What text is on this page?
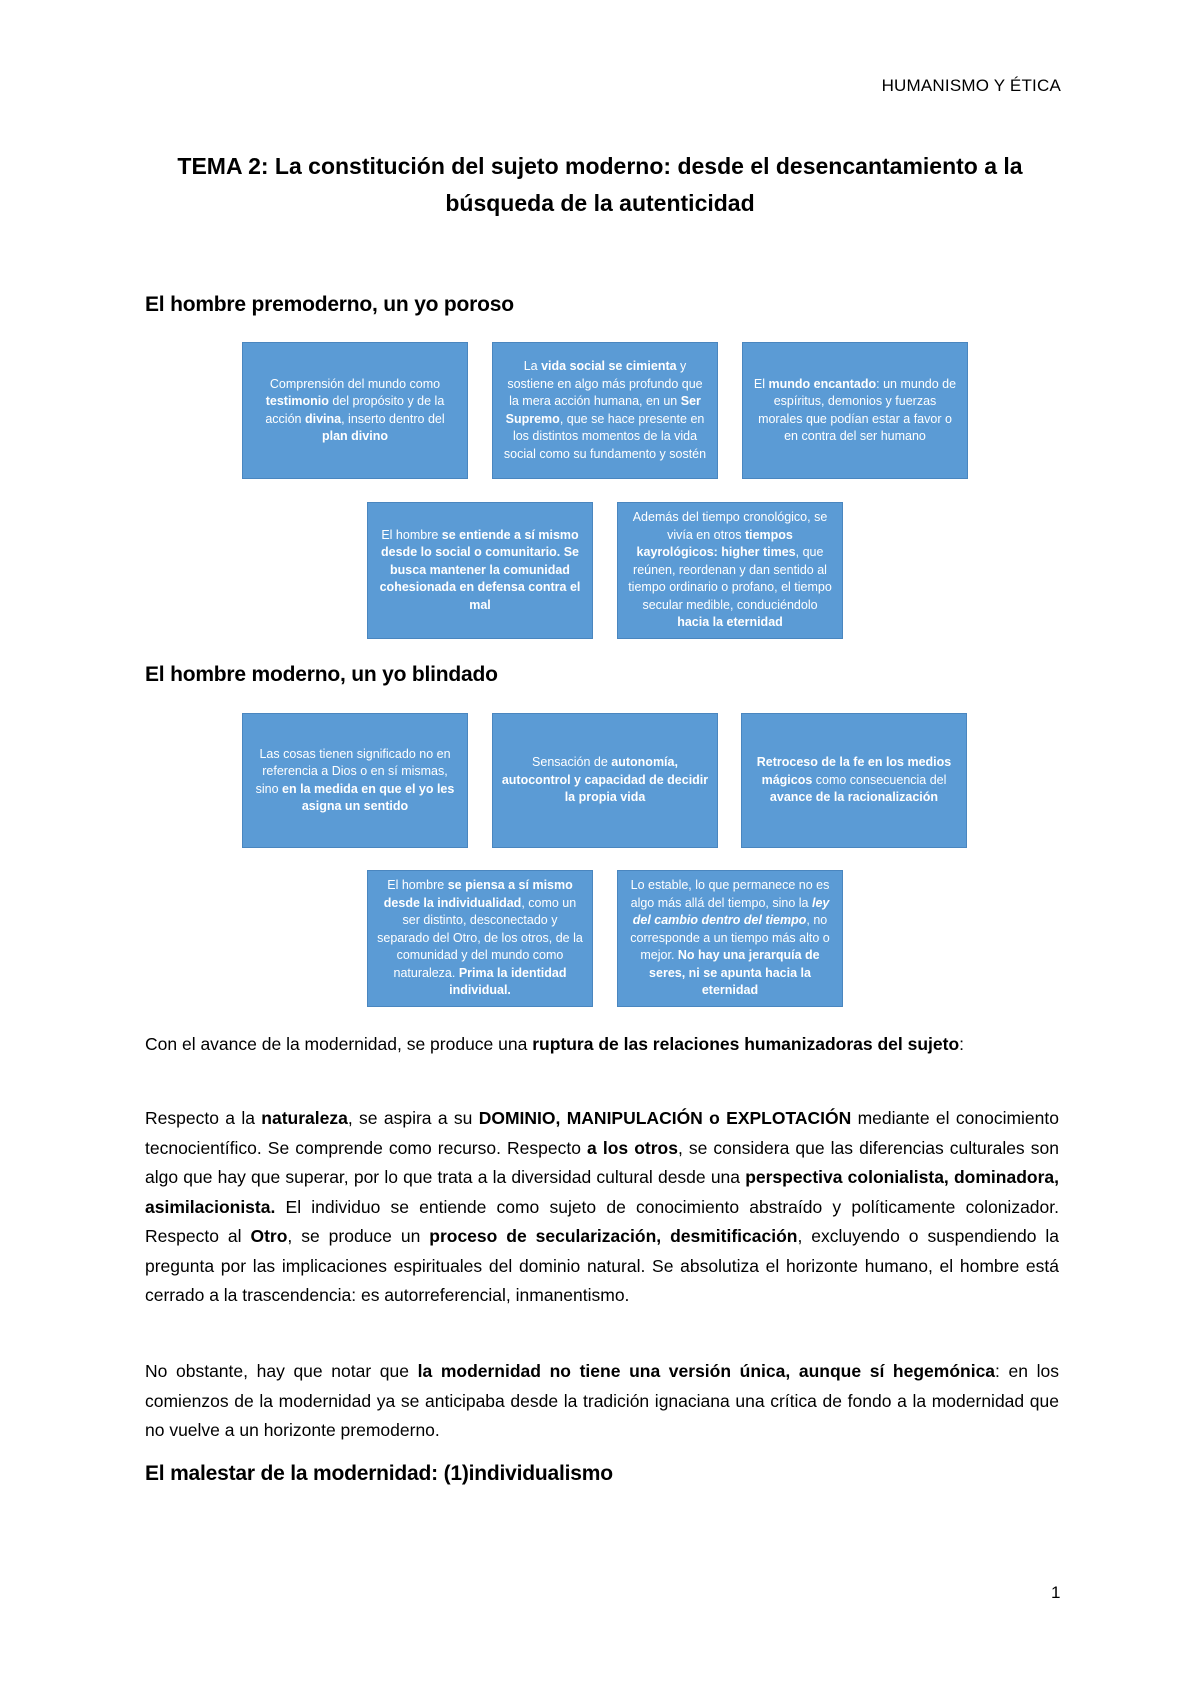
HUMANISMO Y ÉTICA
TEMA 2: La constitución del sujeto moderno: desde el desencantamiento a la búsqueda de la autenticidad
El hombre premoderno, un yo poroso
Comprensión del mundo como testimonio del propósito y de la acción divina, inserto dentro del plan divino
La vida social se cimienta y sostiene en algo más profundo que la mera acción humana, en un Ser Supremo, que se hace presente en los distintos momentos de la vida social como su fundamento y sostén
El mundo encantado: un mundo de espíritus, demonios y fuerzas morales que podían estar a favor o en contra del ser humano
El hombre se entiende a sí mismo desde lo social o comunitario. Se busca mantener la comunidad cohesionada en defensa contra el mal
Además del tiempo cronológico, se vivía en otros tiempos kayrológicos: higher times, que reúnen, reordenan y dan sentido al tiempo ordinario o profano, el tiempo secular medible, conduciéndolo hacia la eternidad
El hombre moderno, un yo blindado
Las cosas tienen significado no en referencia a Dios o en sí mismas, sino en la medida en que el yo les asigna un sentido
Sensación de autonomía, autocontrol y capacidad de decidir la propia vida
Retroceso de la fe en los medios mágicos como consecuencia del avance de la racionalización
El hombre se piensa a sí mismo desde la individualidad, como un ser distinto, desconectado y separado del Otro, de los otros, de la comunidad y del mundo como naturaleza. Prima la identidad individual.
Lo estable, lo que permanece no es algo más allá del tiempo, sino la ley del cambio dentro del tiempo, no corresponde a un tiempo más alto o mejor. No hay una jerarquía de seres, ni se apunta hacia la eternidad
Con el avance de la modernidad, se produce una ruptura de las relaciones humanizadoras del sujeto:
Respecto a la naturaleza, se aspira a su DOMINIO, MANIPULACIÓN o EXPLOTACIÓN mediante el conocimiento tecnocientífico. Se comprende como recurso. Respecto a los otros, se considera que las diferencias culturales son algo que hay que superar, por lo que trata a la diversidad cultural desde una perspectiva colonialista, dominadora, asimilacionista. El individuo se entiende como sujeto de conocimiento abstraído y políticamente colonizador. Respecto al Otro, se produce un proceso de secularización, desmitificación, excluyendo o suspendiendo la pregunta por las implicaciones espirituales del dominio natural. Se absolutiza el horizonte humano, el hombre está cerrado a la trascendencia: es autorreferencial, inmanentismo.
No obstante, hay que notar que la modernidad no tiene una versión única, aunque sí hegemónica: en los comienzos de la modernidad ya se anticipaba desde la tradición ignaciana una crítica de fondo a la modernidad que no vuelve a un horizonte premoderno.
El malestar de la modernidad: (1)individualismo
1
